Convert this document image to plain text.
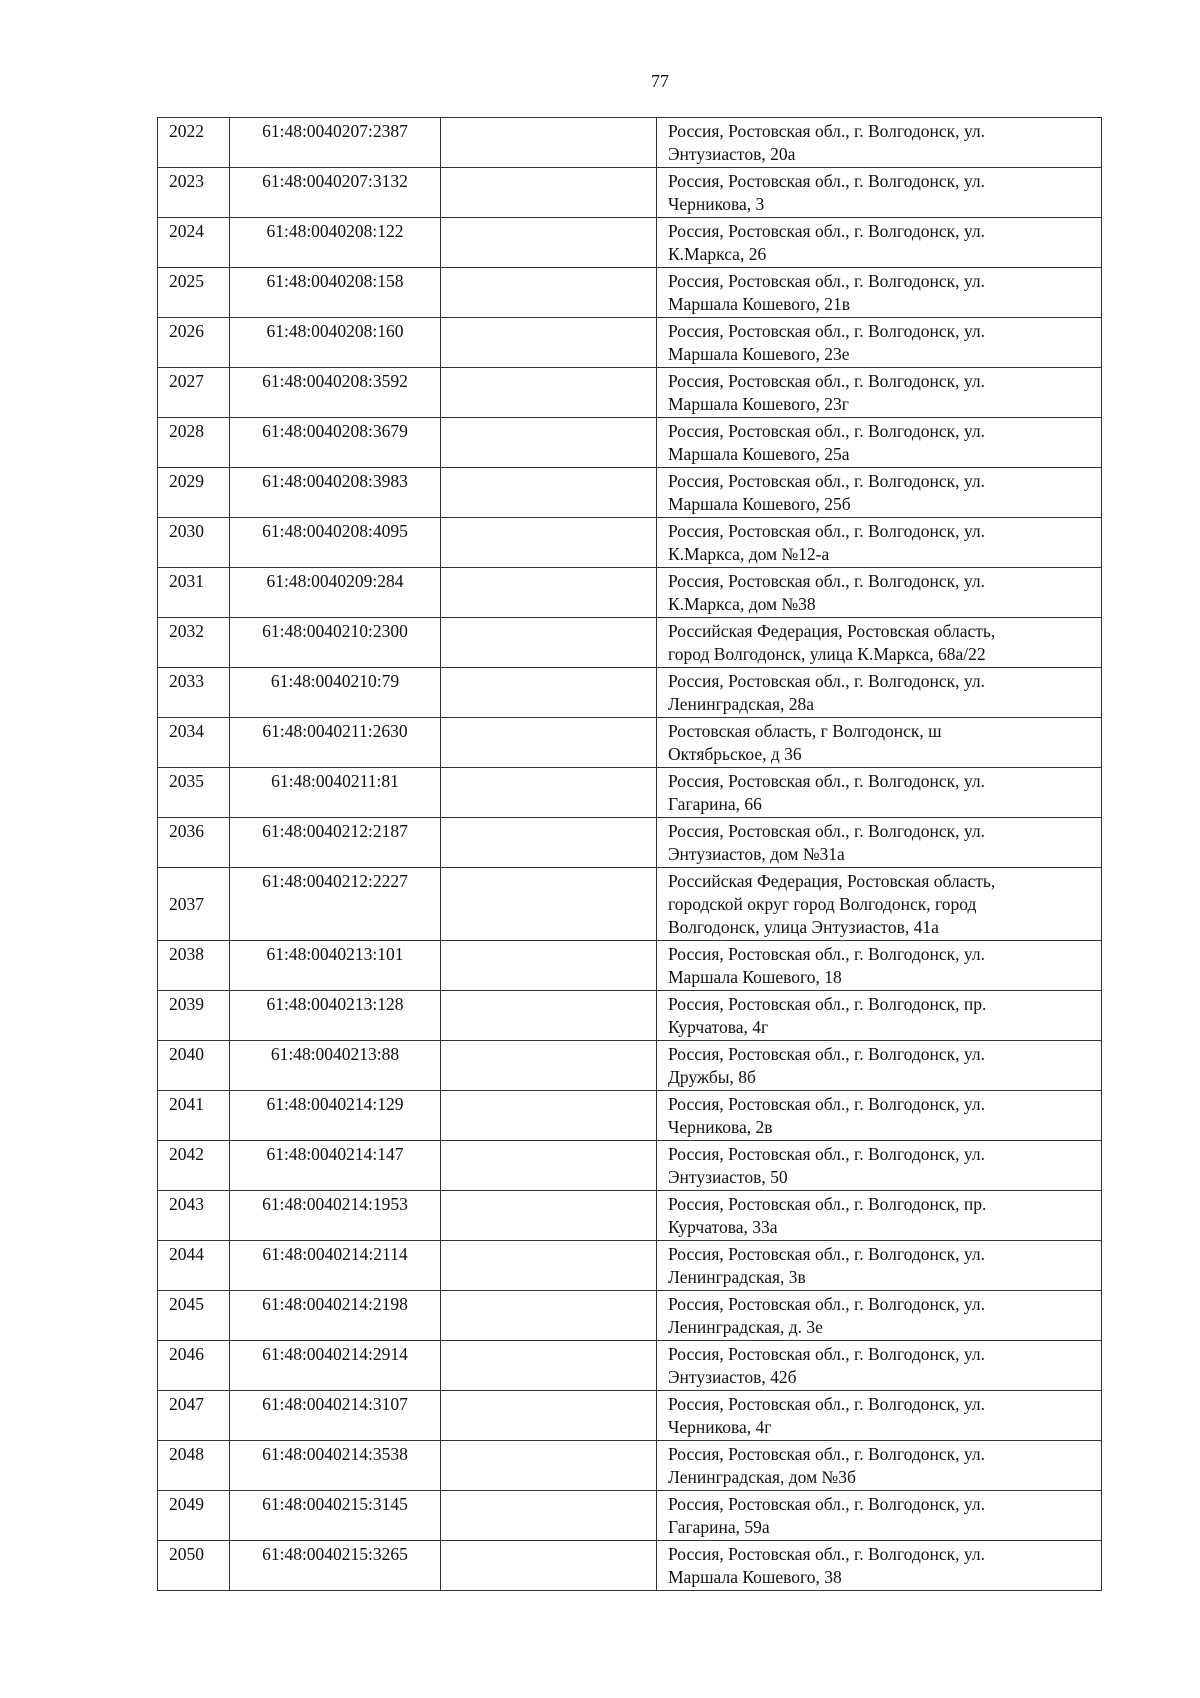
77
2022	61:48:0040207:2387		Россия, Ростовская обл., г. Волгодонск, ул.
Энтузиастов, 20а

2023	61:48:0040207:3132		Россия, Ростовская обл., г. Волгодонск, ул.
Черникова, 3

2024	61:48:0040208:122		Россия, Ростовская обл., г. Волгодонск, ул.
К.Маркса, 26

2025	61:48:0040208:158		Россия, Ростовская обл., г. Волгодонск, ул.
Маршала Кошевого, 21в

2026	61:48:0040208:160		Россия, Ростовская обл., г. Волгодонск, ул.
Маршала Кошевого, 23е

2027	61:48:0040208:3592		Россия, Ростовская обл., г. Волгодонск, ул.
Маршала Кошевого, 23г

2028	61:48:0040208:3679		Россия, Ростовская обл., г. Волгодонск, ул.
Маршала Кошевого, 25а

2029	61:48:0040208:3983		Россия, Ростовская обл., г. Волгодонск, ул.
Маршала Кошевого, 25б

2030	61:48:0040208:4095		Россия, Ростовская обл., г. Волгодонск, ул.
К.Маркса, дом №12-а

2031	61:48:0040209:284		Россия, Ростовская обл., г. Волгодонск, ул.
К.Маркса, дом №38

2032	61:48:0040210:2300		Российская Федерация, Ростовская область,
город Волгодонск, улица К.Маркса, 68а/22

2033	61:48:0040210:79		Россия, Ростовская обл., г. Волгодонск, ул.
Ленинградская, 28а

2034	61:48:0040211:2630		Ростовская область, г Волгодонск, ш
Октябрьское, д 36

2035	61:48:0040211:81		Россия, Ростовская обл., г. Волгодонск, ул.
Гагарина, 66

2036	61:48:0040212:2187		Россия, Ростовская обл., г. Волгодонск, ул.
Энтузиастов, дом №31а

2037	61:48:0040212:2227		Российская Федерация, Ростовская область,
городской округ город Волгодонск, город
Волгодонск, улица Энтузиастов, 41а

2038	61:48:0040213:101		Россия, Ростовская обл., г. Волгодонск, ул.
Маршала Кошевого, 18

2039	61:48:0040213:128		Россия, Ростовская обл., г. Волгодонск, пр.
Курчатова, 4г

2040	61:48:0040213:88		Россия, Ростовская обл., г. Волгодонск, ул.
Дружбы, 8б

2041	61:48:0040214:129		Россия, Ростовская обл., г. Волгодонск, ул.
Черникова, 2в

2042	61:48:0040214:147		Россия, Ростовская обл., г. Волгодонск, ул.
Энтузиастов, 50

2043	61:48:0040214:1953		Россия, Ростовская обл., г. Волгодонск, пр.
Курчатова, 33а

2044	61:48:0040214:2114		Россия, Ростовская обл., г. Волгодонск, ул.
Ленинградская, 3в

2045	61:48:0040214:2198		Россия, Ростовская обл., г. Волгодонск, ул.
Ленинградская, д. 3е

2046	61:48:0040214:2914		Россия, Ростовская обл., г. Волгодонск, ул.
Энтузиастов, 42б

2047	61:48:0040214:3107		Россия, Ростовская обл., г. Волгодонск, ул.
Черникова, 4г

2048	61:48:0040214:3538		Россия, Ростовская обл., г. Волгодонск, ул.
Ленинградская, дом №3б

2049	61:48:0040215:3145		Россия, Ростовская обл., г. Волгодонск, ул.
Гагарина, 59а

2050	61:48:0040215:3265		Россия, Ростовская обл., г. Волгодонск, ул.
Маршала Кошевого, 38
